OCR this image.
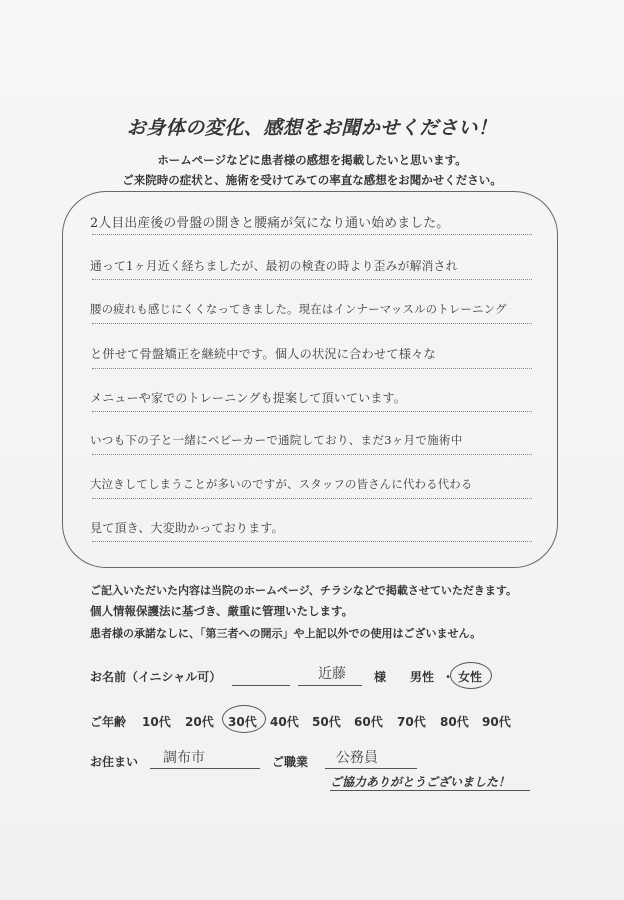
お身体の変化、感想をお聞かせください！
ホームページなどに患者様の感想を掲載したいと思います。
ご来院時の症状と、施術を受けてみての率直な感想をお聞かせください。
2人目出産後の骨盤の開きと腰痛が気になり通い始めました。
通って1ヶ月近く経ちましたが、最初の検査の時より歪みが解消され
腰の疲れも感じにくくなってきました。現在はインナーマッスルのトレーニング
と併せて骨盤矯正を継続中です。個人の状況に合わせて様々な
メニューや家でのトレーニングも提案して頂いています。
いつも下の子と一緒にベビーカーで通院しており、まだ3ヶ月で施術中
大泣きしてしまうことが多いのですが、スタッフの皆さんに代わる代わる
見て頂き、大変助かっております。
ご記入いただいた内容は当院のホームページ、チラシなどで掲載させていただきます。
個人情報保護法に基づき、厳重に管理いたします。
患者様の承諾なしに、「第三者への開示」や上記以外での使用はございません。
お名前（イニシャル可）	近藤 様 男性 ・ 女性
ご年齢 10代 20代 30代 40代 50代 60代 70代 80代 90代
お住まい 調布市	ご職業 公務員
ご協力ありがとうございました！
